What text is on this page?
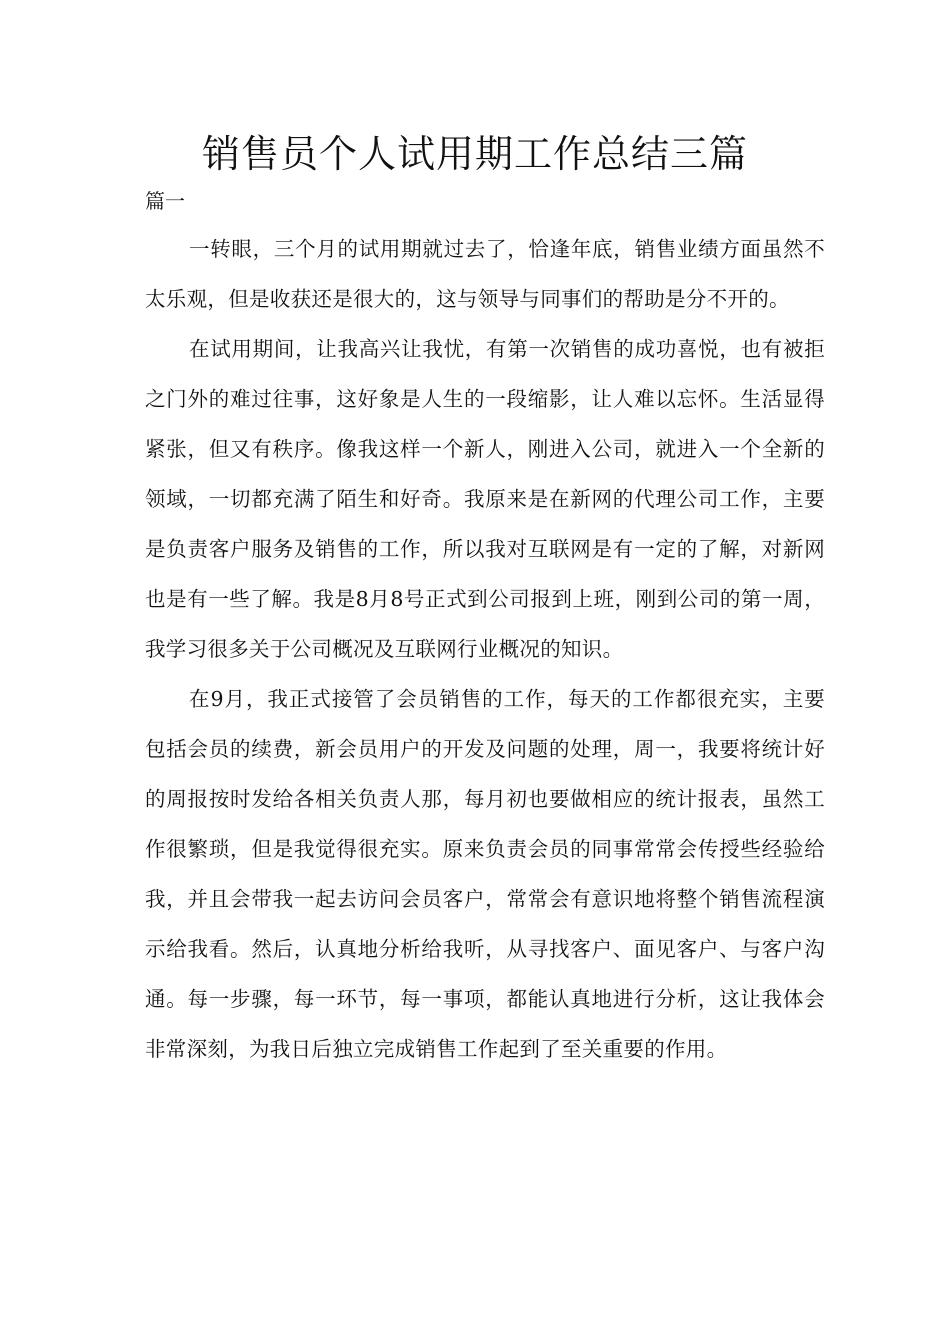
销售员个人试用期工作总结三篇

篇一

一转眼，三个月的试用期就过去了，恰逢年底，销售业绩方面虽然不太乐观，但是收获还是很大的，这与领导与同事们的帮助是分不开的。

在试用期间，让我高兴让我忧，有第一次销售的成功喜悦，也有被拒之门外的难过往事，这好象是人生的一段缩影，让人难以忘怀。生活显得紧张，但又有秩序。像我这样一个新人，刚进入公司，就进入一个全新的领域，一切都充满了陌生和好奇。我原来是在新网的代理公司工作，主要是负责客户服务及销售的工作，所以我对互联网是有一定的了解，对新网也是有一些了解。我是8月8号正式到公司报到上班，刚到公司的第一周，我学习很多关于公司概况及互联网行业概况的知识。

在9月，我正式接管了会员销售的工作，每天的工作都很充实，主要包括会员的续费，新会员用户的开发及问题的处理，周一，我要将统计好的周报按时发给各相关负责人那，每月初也要做相应的统计报表，虽然工作很繁琐，但是我觉得很充实。原来负责会员的同事常常会传授些经验给我，并且会带我一起去访问会员客户，常常会有意识地将整个销售流程演示给我看。然后，认真地分析给我听，从寻找客户、面见客户、与客户沟通。每一步骤，每一环节，每一事项，都能认真地进行分析，这让我体会非常深刻，为我日后独立完成销售工作起到了至关重要的作用。
